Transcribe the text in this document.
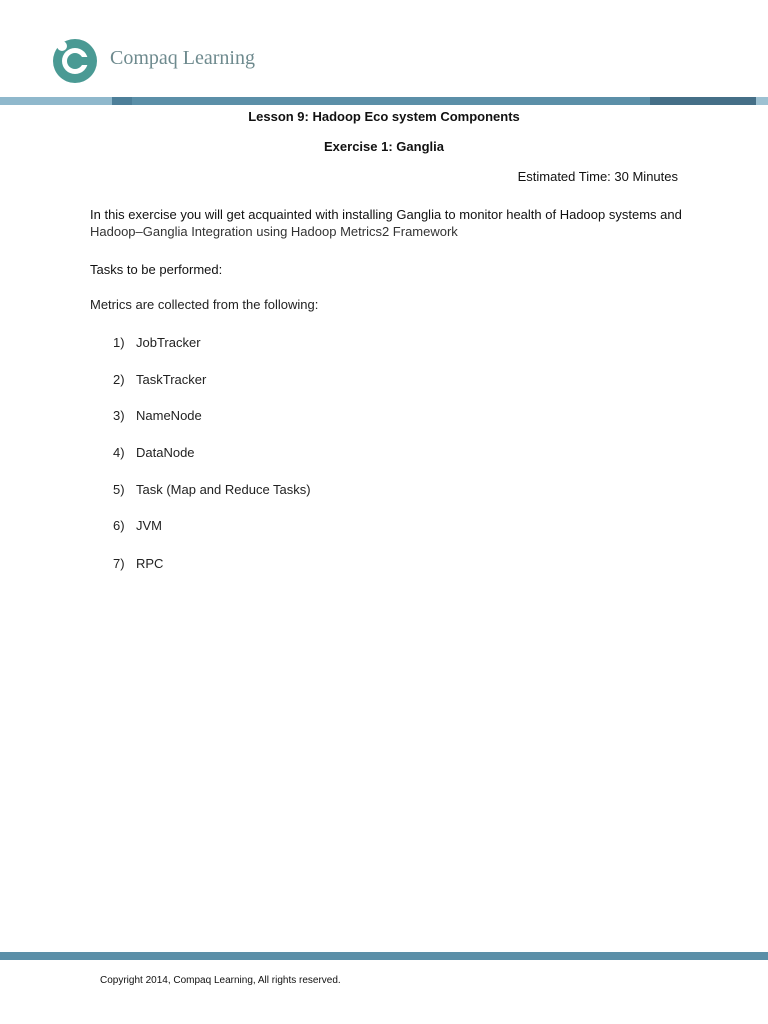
Compaq Learning
Lesson 9: Hadoop Eco system Components
Exercise 1: Ganglia
Estimated Time: 30 Minutes
In this exercise you will get acquainted with installing Ganglia to monitor health of Hadoop systems and
Hadoop–Ganglia Integration using Hadoop Metrics2 Framework
Tasks to be performed:
Metrics are collected from the following:
1) JobTracker
2) TaskTracker
3) NameNode
4) DataNode
5) Task (Map and Reduce Tasks)
6) JVM
7) RPC
Copyright 2014, Compaq Learning, All rights reserved.
